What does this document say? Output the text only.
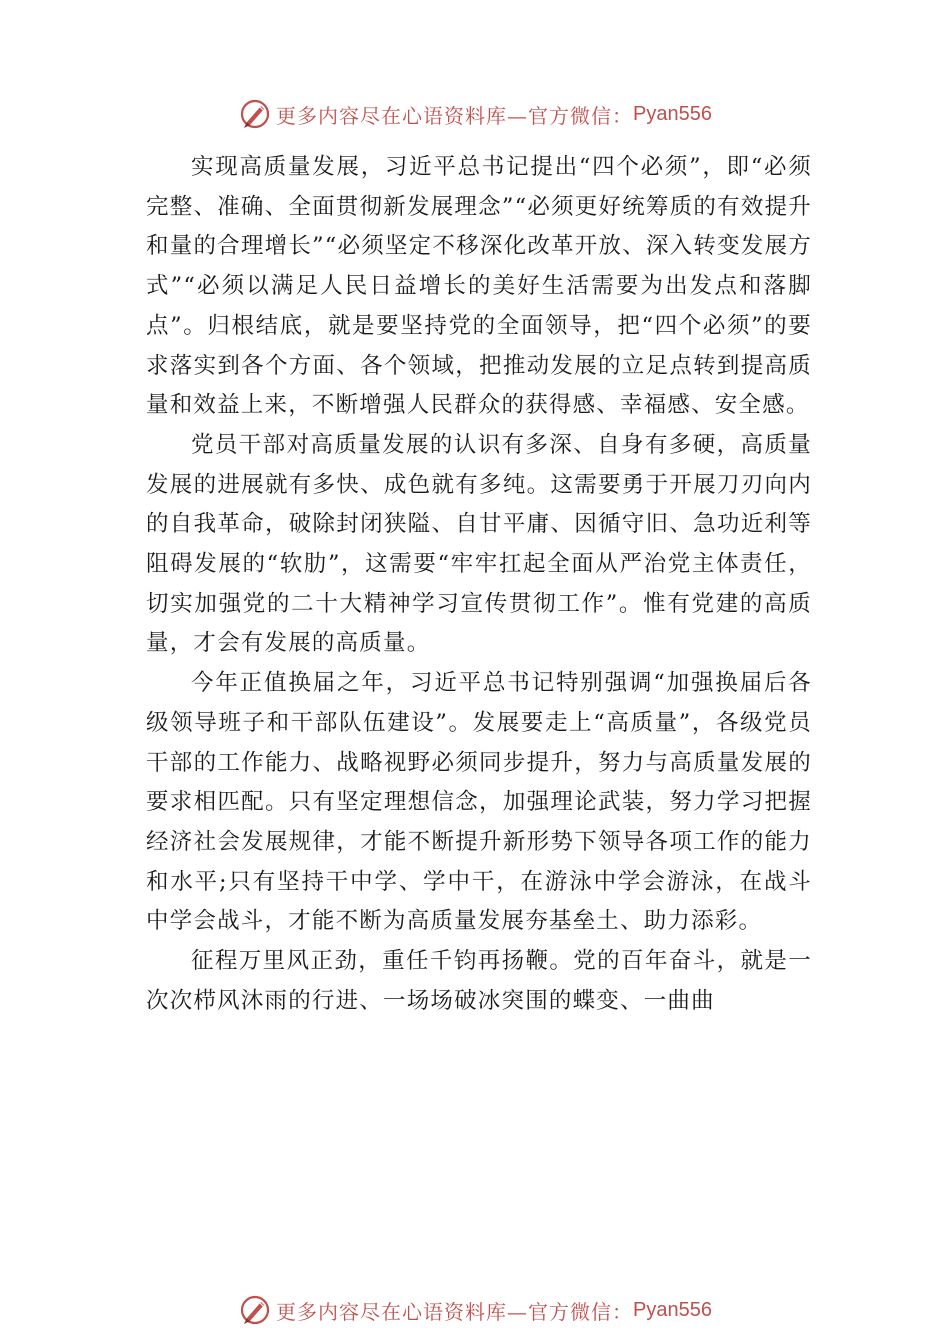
更多内容尽在心语资料库—官方微信： Pyan556

实现高质量发展，习近平总书记提出“四个必须”，即“必须完整、准确、全面贯彻新发展理念”“必须更好统筹质的有效提升和量的合理增长”“必须坚定不移深化改革开放、深入转变发展方式”“必须以满足人民日益增长的美好生活需要为出发点和落脚点”。归根结底，就是要坚持党的全面领导，把“四个必须”的要求落实到各个方面、各个领域，把推动发展的立足点转到提高质量和效益上来，不断增强人民群众的获得感、幸福感、安全感。

党员干部对高质量发展的认识有多深、自身有多硬，高质量发展的进展就有多快、成色就有多纯。这需要勇于开展刀刃向内的自我革命，破除封闭狭隘、自甘平庸、因循守旧、急功近利等阻碍发展的“软肋”，这需要“牢牢扛起全面从严治党主体责任，切实加强党的二十大精神学习宣传贯彻工作”。惟有党建的高质量，才会有发展的高质量。

今年正值换届之年，习近平总书记特别强调“加强换届后各级领导班子和干部队伍建设”。发展要走上“高质量”，各级党员干部的工作能力、战略视野必须同步提升，努力与高质量发展的要求相匹配。只有坚定理想信念，加强理论武装，努力学习把握经济社会发展规律，才能不断提升新形势下领导各项工作的能力和水平;只有坚持干中学、学中干，在游泳中学会游泳，在战斗中学会战斗，才能不断为高质量发展夯基垒土、助力添彩。

征程万里风正劲，重任千钧再扬鞭。党的百年奋斗，就是一次次栉风沐雨的行进、一场场破冰突围的蝶变、一曲曲

更多内容尽在心语资料库—官方微信： Pyan556
